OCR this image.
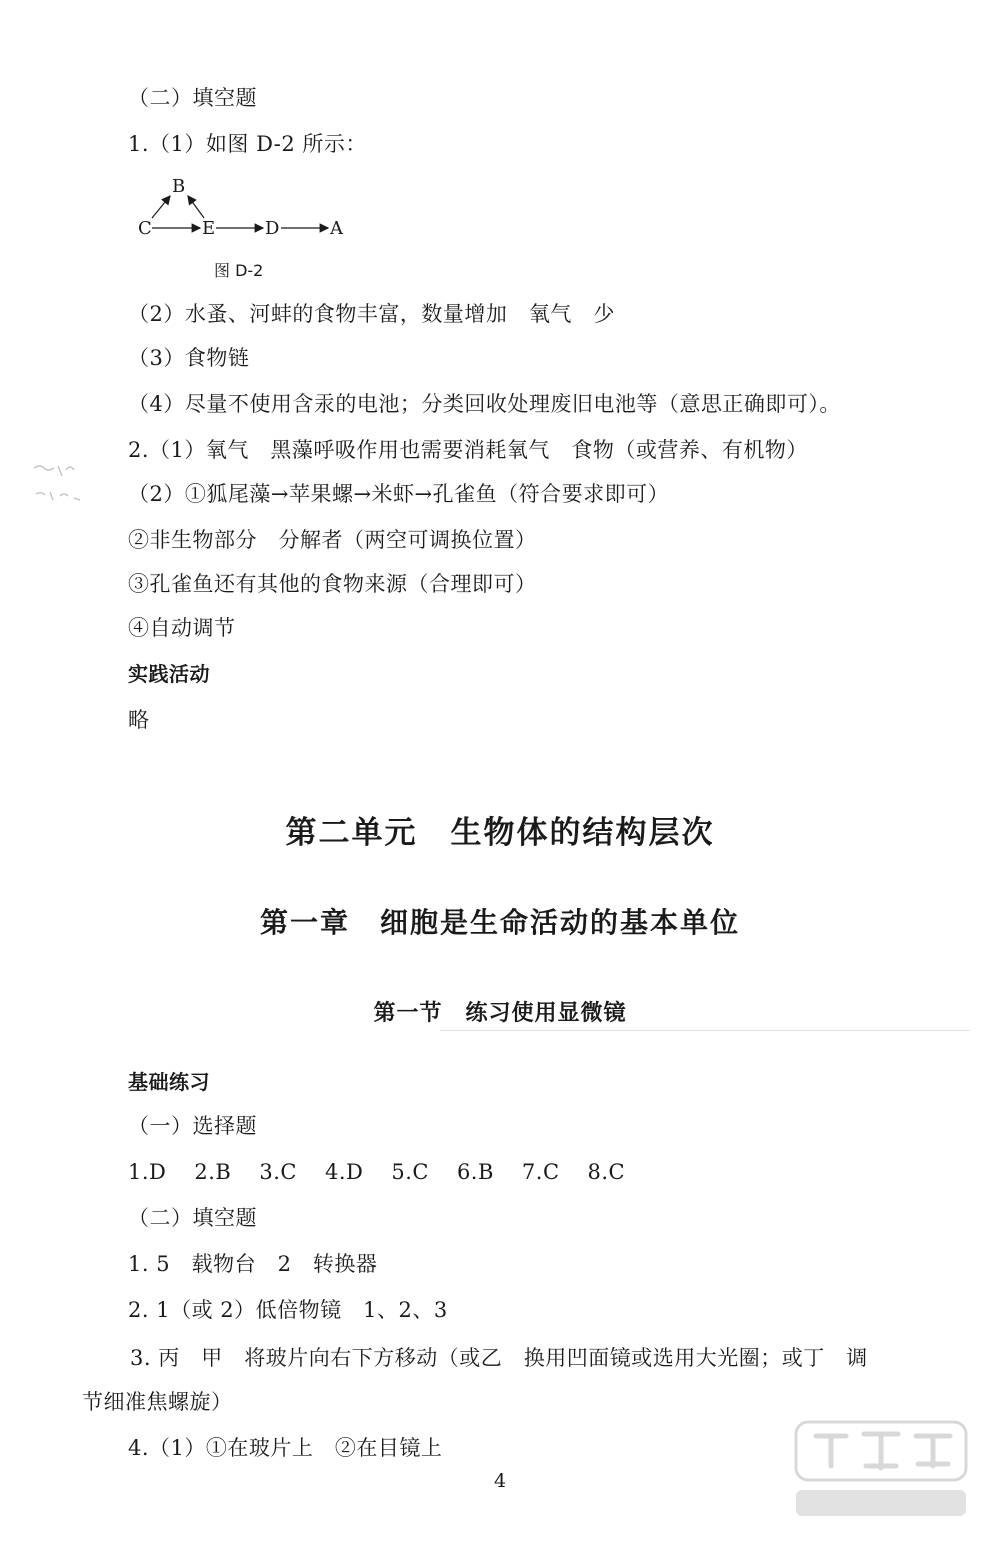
（二）填空题
1.（1）如图 D-2 所示：
B
C	E	D	A
图 D-2
（2）水蚤、河蚌的食物丰富，数量增加　氧气　少
（3）食物链
（4）尽量不使用含汞的电池；分类回收处理废旧电池等（意思正确即可）。
2.（1）氧气　黑藻呼吸作用也需要消耗氧气　食物（或营养、有机物）
（2）①狐尾藻→苹果螺→米虾→孔雀鱼（符合要求即可）
②非生物部分　分解者（两空可调换位置）
③孔雀鱼还有其他的食物来源（合理即可）
④自动调节
实践活动
略
第二单元　生物体的结构层次
第一章　细胞是生命活动的基本单位
第一节　练习使用显微镜
基础练习
（一）选择题
1.D 2.B 3.C 4.D 5.C 6.B 7.C 8.C
（二）填空题
1. 5　载物台　2　转换器
2. 1（或 2）低倍物镜　1、2、3
3. 丙　甲　将玻片向右下方移动（或乙　换用凹面镜或选用大光圈；或丁　调
节细准焦螺旋）
4.（1）①在玻片上　②在目镜上
4
